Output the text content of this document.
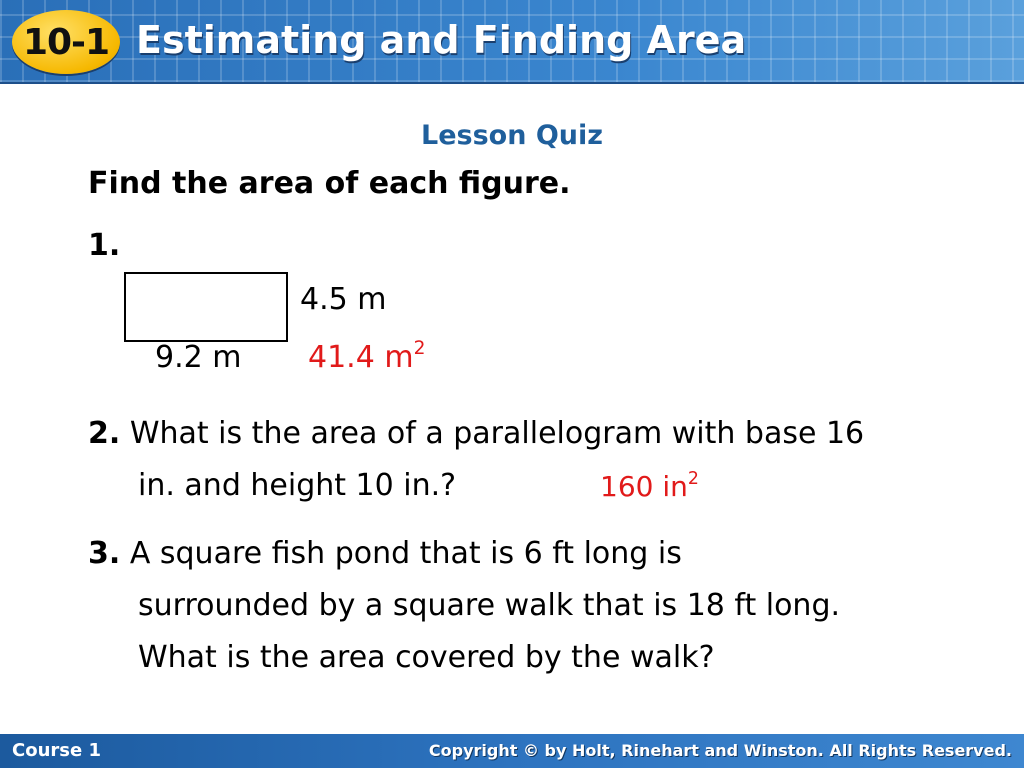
10-1 Estimating and Finding Area
Lesson Quiz
Find the area of each figure.
1.
4.5 m
9.2 m 41.4 $m^2$
2. What is the area of a parallelogram with base 16
in. and height 10 in.?	160 $in^2$
3. A square fish pond that is 6 ft long is
surrounded by a square walk that is 18 ft long.
What is the area covered by the walk?
Course 1	Copyright © by Holt, Rinehart and Winston. All Rights Reserved.
